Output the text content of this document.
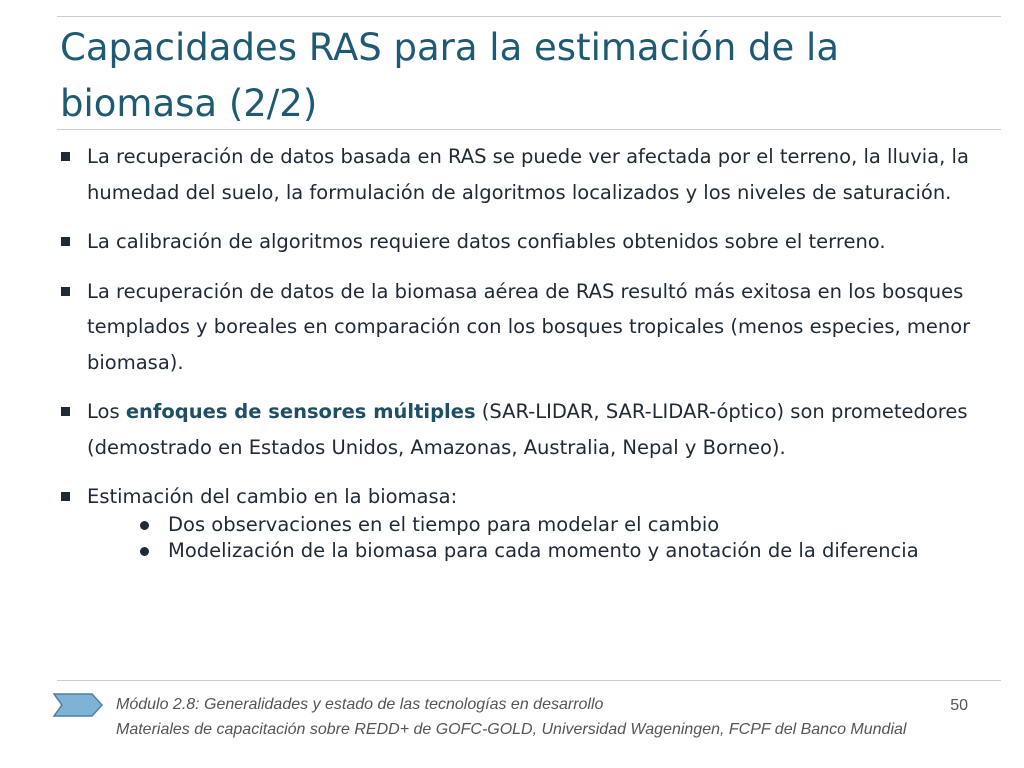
Capacidades RAS para la estimación de la biomasa (2/2)
La recuperación de datos basada en RAS se puede ver afectada por el terreno, la lluvia, la humedad del suelo, la formulación de algoritmos localizados y los niveles de saturación.
La calibración de algoritmos requiere datos confiables obtenidos sobre el terreno.
La recuperación de datos de la biomasa aérea de RAS resultó más exitosa en los bosques templados y boreales en comparación con los bosques tropicales (menos especies, menor biomasa).
Los enfoques de sensores múltiples (SAR-LIDAR, SAR-LIDAR-óptico) son prometedores (demostrado en Estados Unidos, Amazonas, Australia, Nepal y Borneo).
Estimación del cambio en la biomasa:
Dos observaciones en el tiempo para modelar el cambio
Modelización de la biomasa para cada momento y anotación de la diferencia
Módulo 2.8: Generalidades y estado de las tecnologías en desarrollo
Materiales de capacitación sobre REDD+ de GOFC-GOLD, Universidad Wageningen, FCPF del Banco Mundial
50
